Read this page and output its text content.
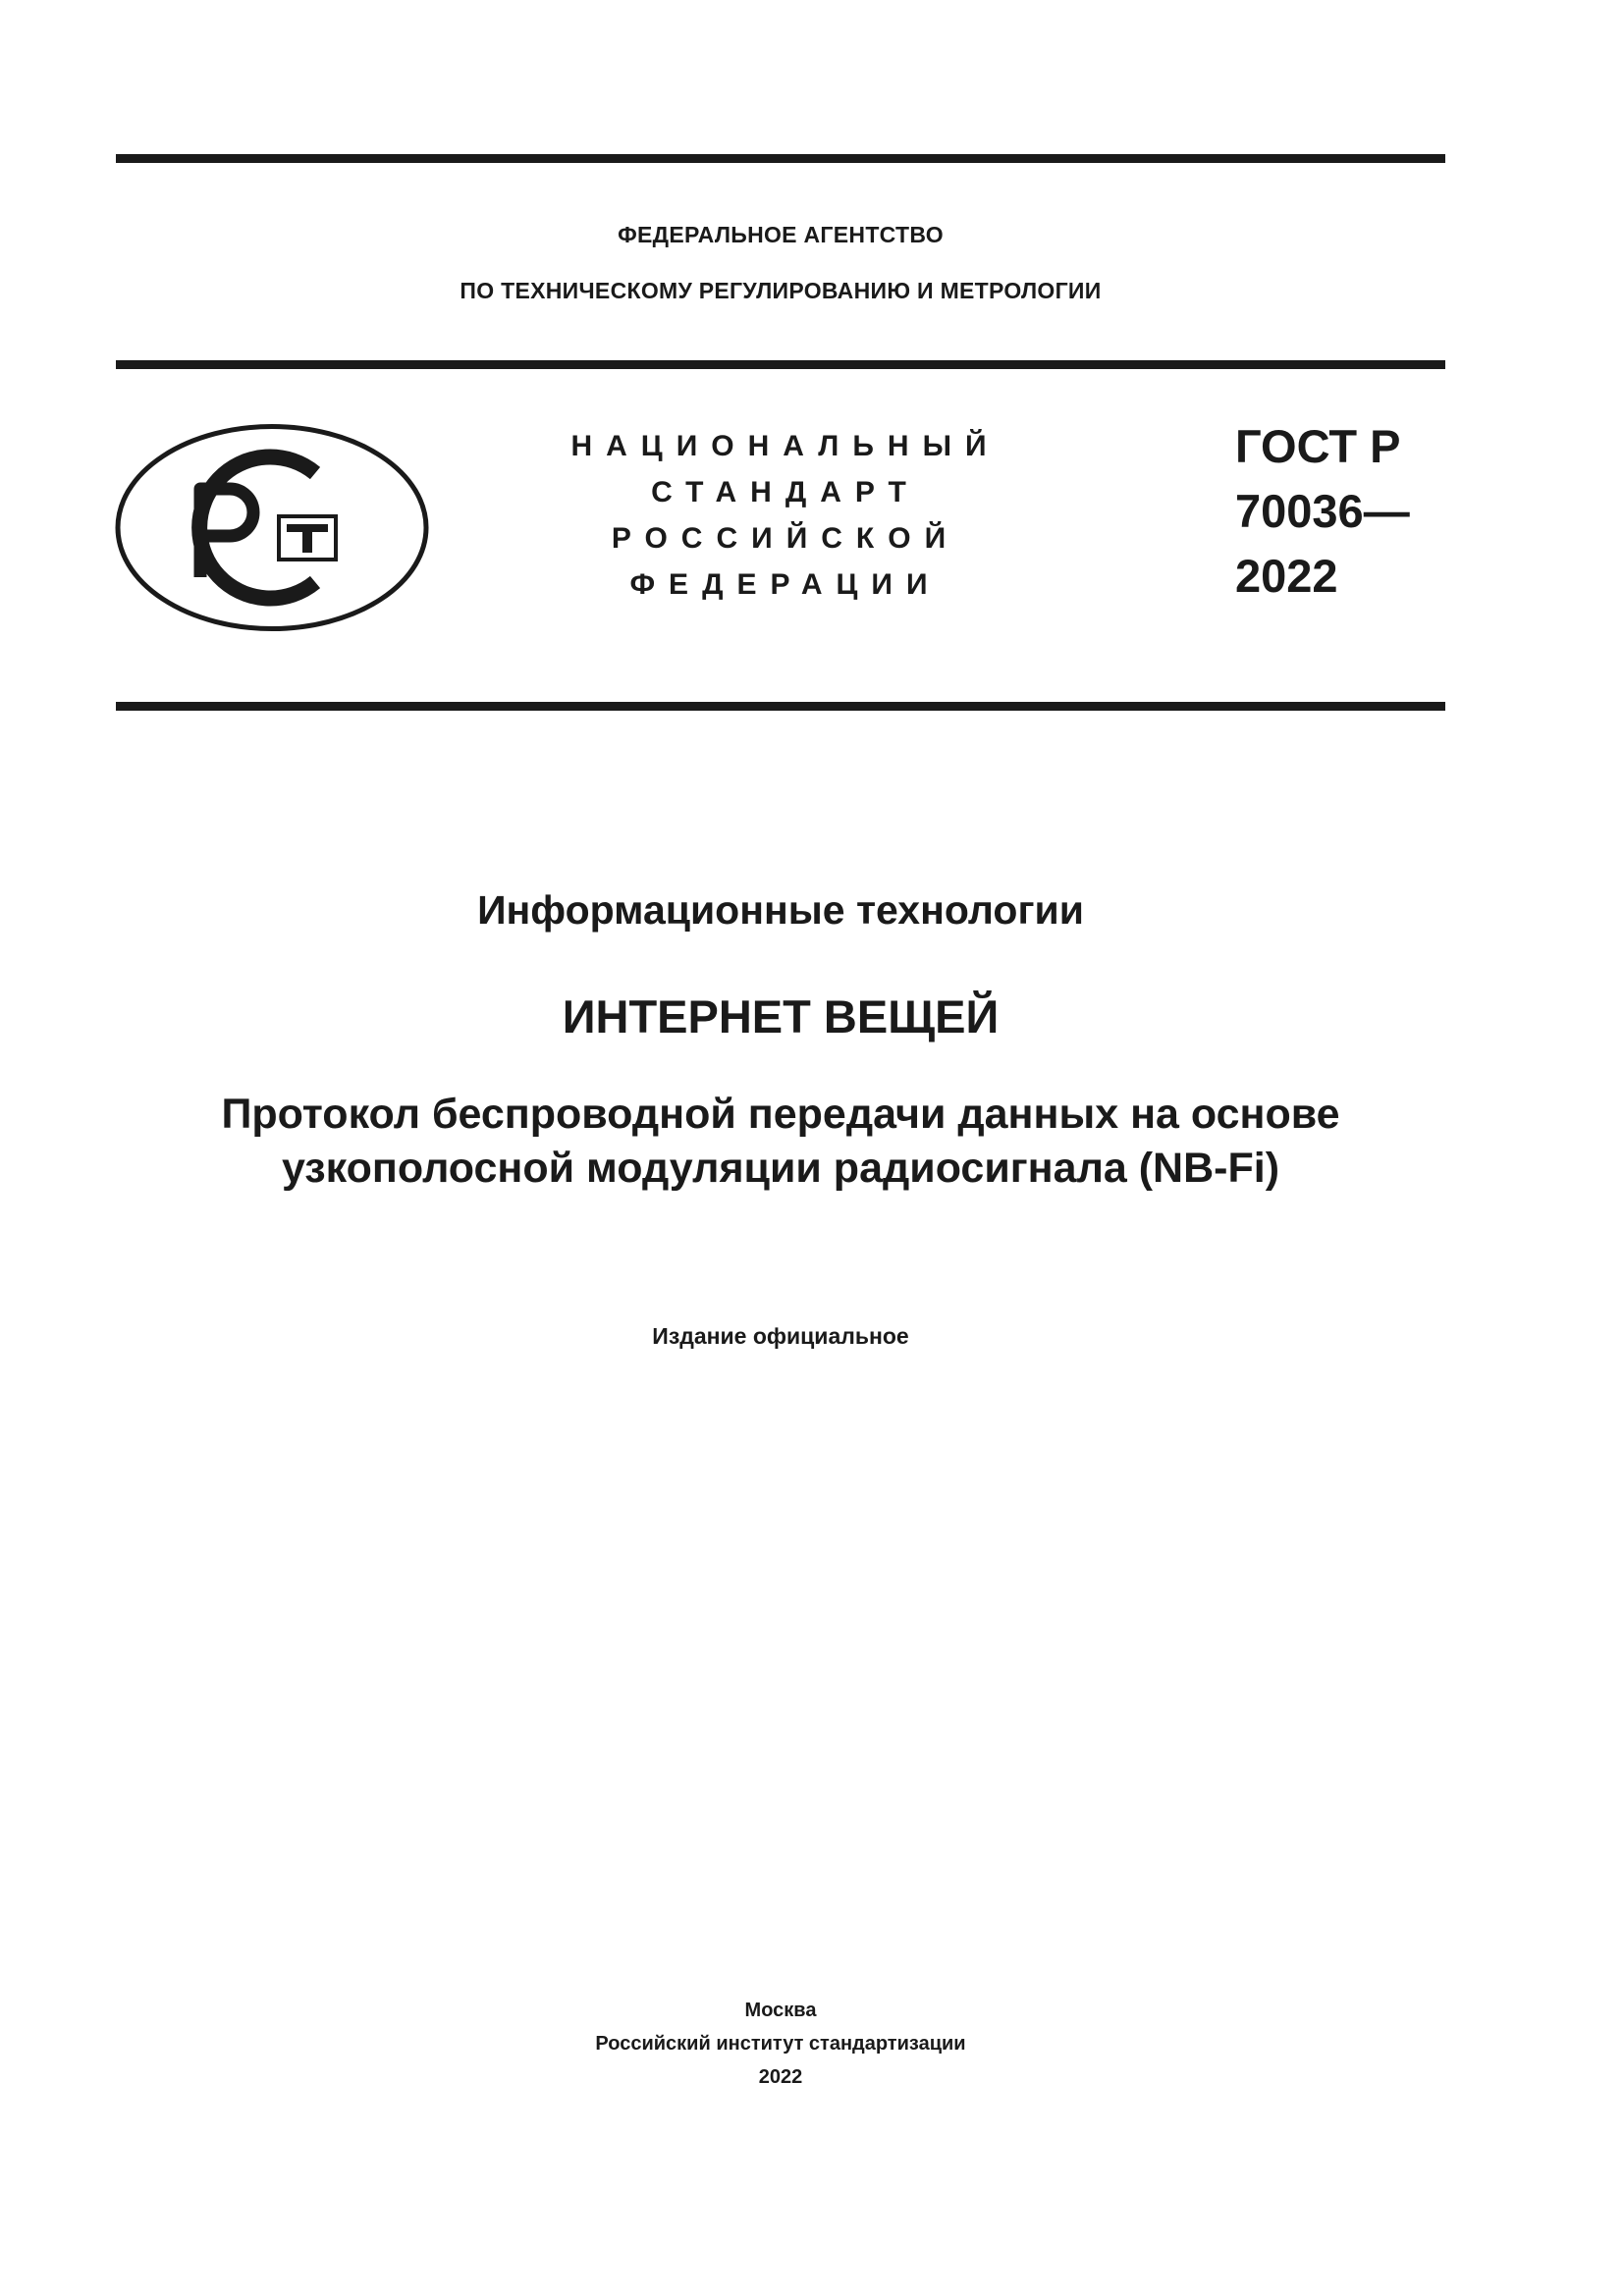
ФЕДЕРАЛЬНОЕ АГЕНТСТВО
ПО ТЕХНИЧЕСКОМУ РЕГУЛИРОВАНИЮ И МЕТРОЛОГИИ
НАЦИОНАЛЬНЫЙ
СТАНДАРТ
РОССИЙСКОЙ
ФЕДЕРАЦИИ
ГОСТ Р
70036—
2022
Информационные технологии
ИНТЕРНЕТ ВЕЩЕЙ
Протокол беспроводной передачи данных на основе
узкополосной модуляции радиосигнала (NB-Fi)
Издание официальное
Москва
Российский институт стандартизации
2022
